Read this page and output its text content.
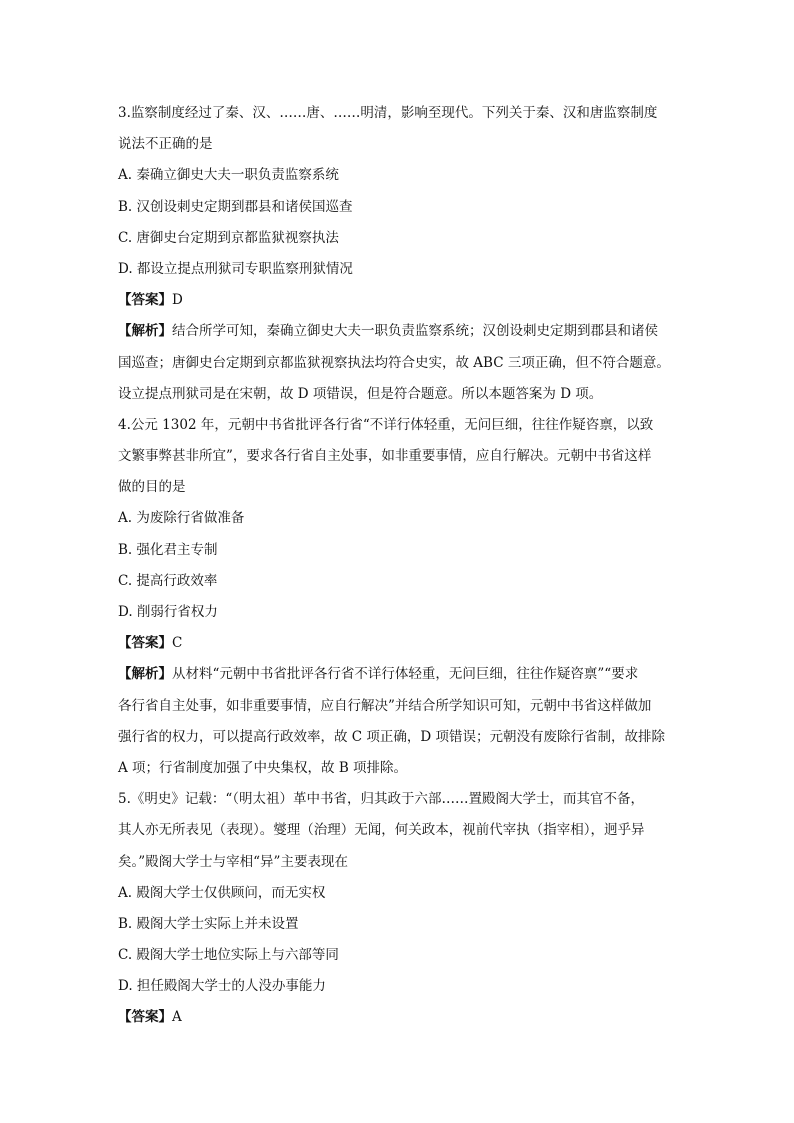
3.监察制度经过了秦、汉、……唐、……明清，影响至现代。下列关于秦、汉和唐监察制度
说法不正确的是
A. 秦确立御史大夫一职负责监察系统
B. 汉创设刺史定期到郡县和诸侯国巡查
C. 唐御史台定期到京都监狱视察执法
D. 都设立提点刑狱司专职监察刑狱情况
【答案】D
【解析】结合所学可知，秦确立御史大夫一职负责监察系统；汉创设刺史定期到郡县和诸侯
国巡查；唐御史台定期到京都监狱视察执法均符合史实，故 ABC 三项正确，但不符合题意。
设立提点刑狱司是在宋朝，故 D 项错误，但是符合题意。所以本题答案为 D 项。
4.公元 1302 年，元朝中书省批评各行省“不详行体轻重，无问巨细，往往作疑咨禀，以致
文繁事弊甚非所宜”，要求各行省自主处事，如非重要事情，应自行解决。元朝中书省这样
做的目的是
A. 为废除行省做准备
B. 强化君主专制
C. 提高行政效率
D. 削弱行省权力
【答案】C
【解析】从材料“元朝中书省批评各行省不详行体轻重，无问巨细，往往作疑咨禀”“要求
各行省自主处事，如非重要事情，应自行解决”并结合所学知识可知，元朝中书省这样做加
强行省的权力，可以提高行政效率，故 C 项正确，D 项错误；元朝没有废除行省制，故排除
A 项；行省制度加强了中央集权，故 B 项排除。
5.《明史》记载：“（明太祖）革中书省，归其政于六部……置殿阁大学士，而其官不备，
其人亦无所表见（表现）。燮理（治理）无闻，何关政本，视前代宰执（指宰相），迥乎异
矣。”殿阁大学士与宰相“异”主要表现在
A. 殿阁大学士仅供顾问，而无实权
B. 殿阁大学士实际上并未设置
C. 殿阁大学士地位实际上与六部等同
D. 担任殿阁大学士的人没办事能力
【答案】A
